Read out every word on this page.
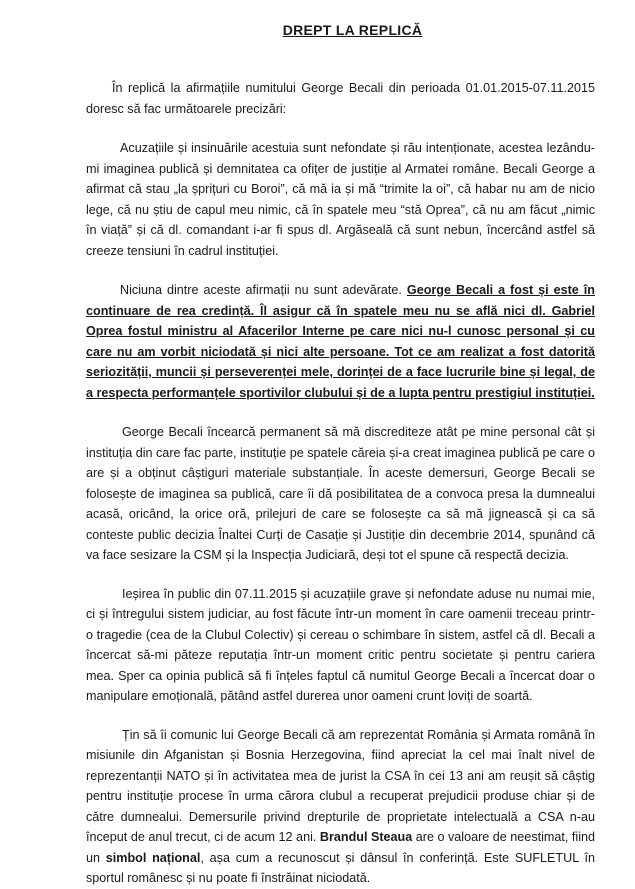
DREPT LA REPLICĂ

În replică la afirmațiile numitului George Becali din perioada 01.01.2015-07.11.2015 doresc să fac următoarele precizări:

Acuzațiile și insinuările acestuia sunt nefondate și rău intenționate, acestea lezându-mi imaginea publică și demnitatea ca ofițer de justiție al Armatei române. Becali George a afirmat că stau „la șprițuri cu Boroi”, că mă ia și mă “trimite la oi”, că habar nu am de nicio lege, că nu știu de capul meu nimic, că în spatele meu “stă Oprea”, că nu am făcut „nimic în viață” și că dl. comandant i-ar fi spus dl. Argăseală că sunt nebun, încercând astfel să creeze tensiuni în cadrul instituției.

Niciuna dintre aceste afirmații nu sunt adevărate. George Becali a fost și este în continuare de rea credință. Îl asigur că în spatele meu nu se află nici dl. Gabriel Oprea fostul ministru al Afacerilor Interne pe care nici nu-l cunosc personal și cu care nu am vorbit niciodată și nici alte persoane. Tot ce am realizat a fost datorită seriozității, muncii și perseverenței mele, dorinței de a face lucrurile bine și legal, de a respecta performanțele sportivilor clubului și de a lupta pentru prestigiul instituției.

George Becali încearcă permanent să mă discrediteze atât pe mine personal cât și instituția din care fac parte, instituție pe spatele căreia și-a creat imaginea publică pe care o are și a obținut câștiguri materiale substanțiale. În aceste demersuri, George Becali se folosește de imaginea sa publică, care îi dă posibilitatea de a convoca presa la dumnealui acasă, oricând, la orice oră, prilejuri de care se folosește ca să mă jignească și ca să conteste public decizia Înaltei Curți de Casație și Justiție din decembrie 2014, spunând că va face sesizare la CSM și la Inspecția Judiciară, deși tot el spune că respectă decizia.

Ieșirea în public din 07.11.2015 și acuzațiile grave și nefondate aduse nu numai mie, ci și întregului sistem judiciar, au fost făcute într-un moment în care oamenii treceau printr-o tragedie (cea de la Clubul Colectiv) și cereau o schimbare în sistem, astfel că dl. Becali a încercat să-mi păteze reputația într-un moment critic pentru societate și pentru cariera mea. Sper ca opinia publică să fi înțeles faptul că numitul George Becali a încercat doar o manipulare emoțională, pătând astfel durerea unor oameni crunt loviți de soartă.

Țin să îi comunic lui George Becali că am reprezentat România și Armata română în misiunile din Afganistan și Bosnia Herzegovina, fiind apreciat la cel mai înalt nivel de reprezentanții NATO și în activitatea mea de jurist la CSA în cei 13 ani am reușit să câștig pentru instituție procese în urma cărora clubul a recuperat prejudicii produse chiar și de către dumnealui. Demersurile privind drepturile de proprietate intelectuală a CSA n-au început de anul trecut, ci de acum 12 ani. Brandul Steaua are o valoare de neestimat, fiind un simbol național, așa cum a recunoscut și dânsul în conferință. Este SUFLETUL în sportul românesc și nu poate fi înstrăinat niciodată.
